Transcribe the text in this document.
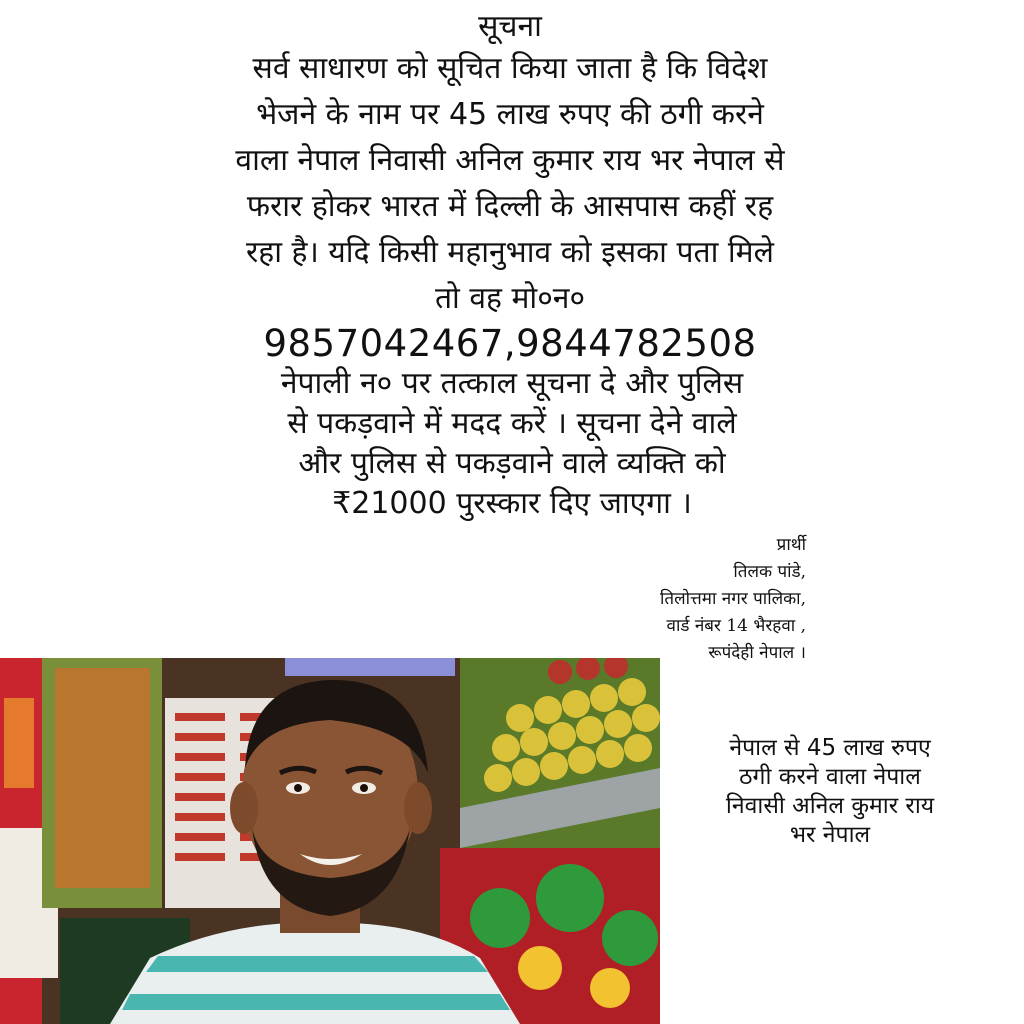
सूचना
सर्व साधारण को सूचित किया जाता है कि विदेश
भेजने के नाम पर 45 लाख रुपए की ठगी करने
वाला नेपाल निवासी अनिल कुमार राय भर नेपाल से
फरार होकर भारत में दिल्ली के आसपास कहीं रह
रहा है। यदि किसी महानुभाव को इसका पता मिले
तो वह मो०न०
9857042467,9844782508
नेपाली न० पर तत्काल सूचना दे और पुलिस
से पकड़वाने में मदद करें । सूचना देने वाले
और पुलिस से पकड़वाने वाले व्यक्ति को
₹21000 पुरस्कार दिए जाएगा ।
प्रार्थी
तिलक पांडे,
तिलोत्तमा नगर पालिका,
वार्ड नंबर 14 भैरहवा ,
रूपंदेही नेपाल ।
नेपाल से 45 लाख रुपए
ठगी करने वाला नेपाल
निवासी अनिल कुमार राय
भर नेपाल
